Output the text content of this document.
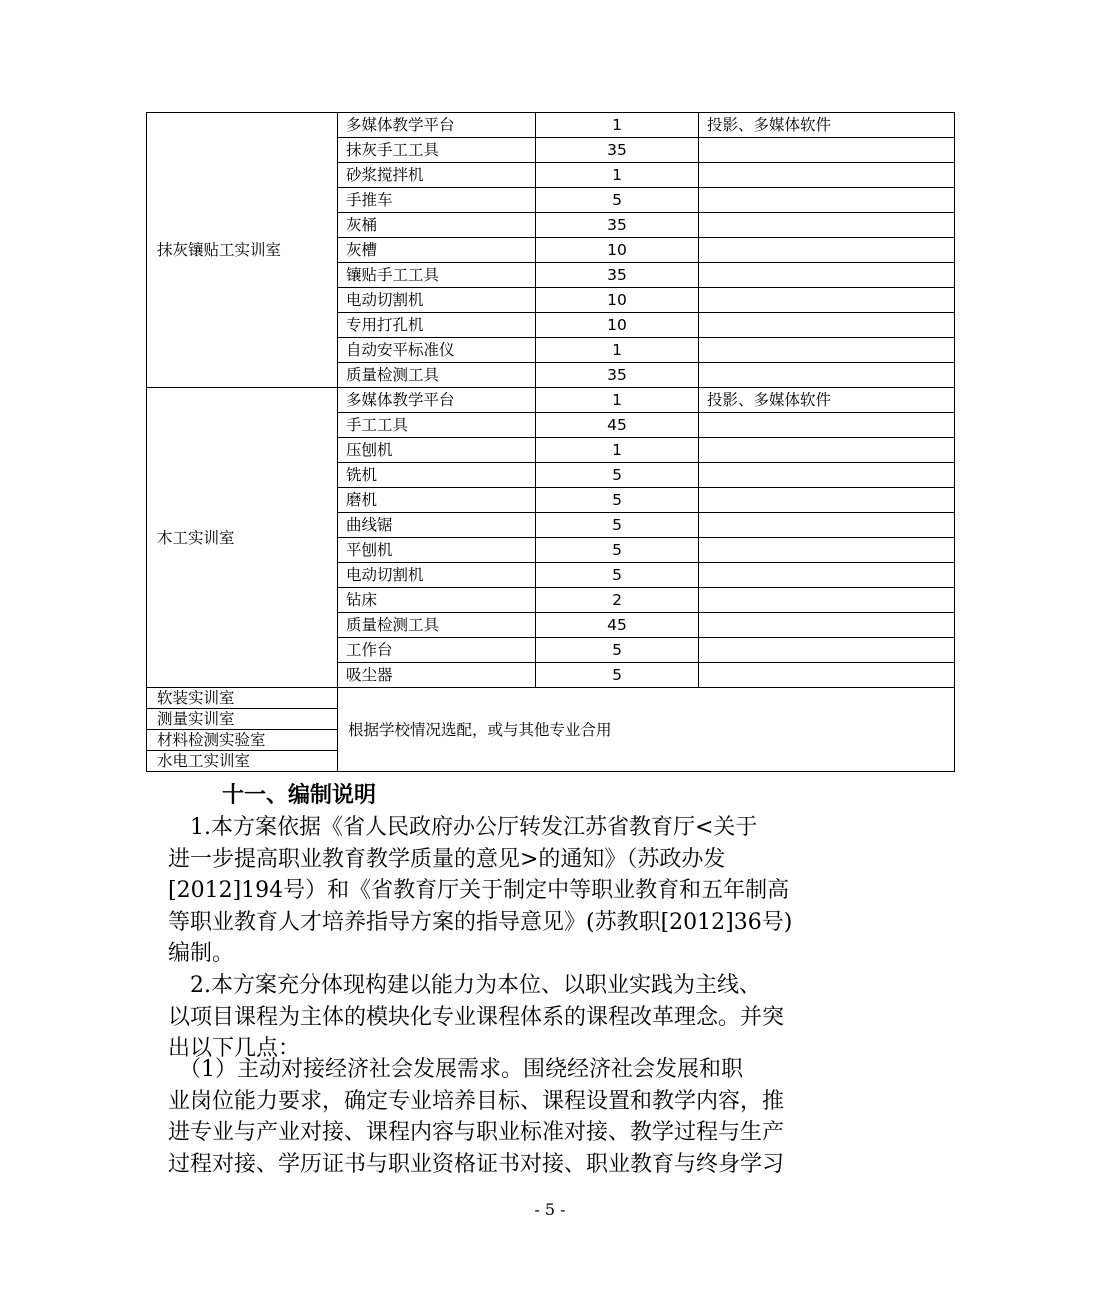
抹灰镶贴工实训室	多媒体教学平台	1	投影、多媒体软件
	抹灰手工工具	35	
	砂浆搅拌机	1	
	手推车	5	
	灰桶	35	
	灰槽	10	
	镶贴手工工具	35	
	电动切割机	10	
	专用打孔机	10	
	自动安平标准仪	1	
	质量检测工具	35	
木工实训室	多媒体教学平台	1	投影、多媒体软件
	手工工具	45	
	压刨机	1	
	铣机	5	
	磨机	5	
	曲线锯	5	
	平刨机	5	
	电动切割机	5	
	钻床	2	
	质量检测工具	45	
	工作台	5	
	吸尘器	5	
软装实训室	根据学校情况选配，或与其他专业合用		
测量实训室			
材料检测实验室			
水电工实训室			
十一、编制说明
　1.本方案依据《省人民政府办公厅转发江苏省教育厅<关于
进一步提高职业教育教学质量的意见>的通知》（苏政办发
[2012]194号）和《省教育厅关于制定中等职业教育和五年制高
等职业教育人才培养指导方案的指导意见》(苏教职[2012]36号)
编制。
　2.本方案充分体现构建以能力为本位、以职业实践为主线、
以项目课程为主体的模块化专业课程体系的课程改革理念。并突
出以下几点：
　（1）主动对接经济社会发展需求。围绕经济社会发展和职
业岗位能力要求，确定专业培养目标、课程设置和教学内容，推
进专业与产业对接、课程内容与职业标准对接、教学过程与生产
过程对接、学历证书与职业资格证书对接、职业教育与终身学习
- 5 -
